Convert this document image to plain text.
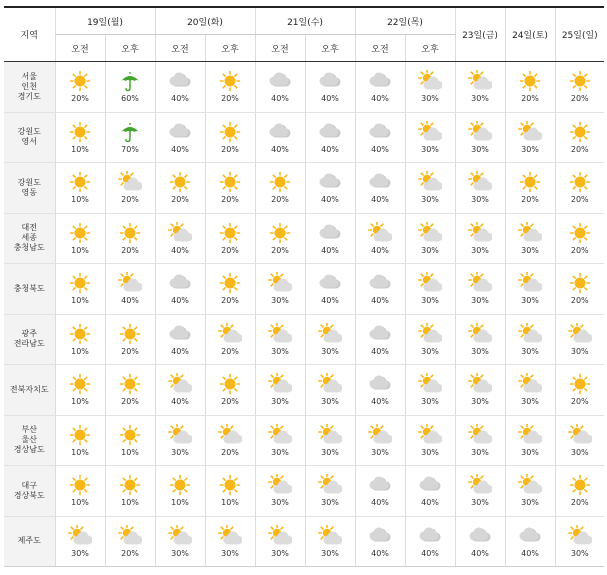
지역	19일(월)		20일(화)		21일(수)		22일(목)		23일(금)	24일(토)	25일(일)
	오전	오후	오전	오후	오전	오후	오전	오후			

서울
인천
경기도	20%	60%	40%	20%	40%	40%	40%	30%	30%	20%	20%

강원도
영서	10%	70%	40%	20%	40%	40%	40%	30%	30%	30%	20%

강원도
영동	10%	20%	20%	20%	20%	40%	40%	30%	30%	20%	20%

대전
세종
충청남도	10%	20%	40%	20%	20%	40%	40%	30%	30%	30%	20%

충청북도	10%	40%	40%	20%	30%	40%	40%	30%	30%	30%	20%

광주
전라남도	10%	20%	40%	20%	30%	30%	40%	30%	30%	30%	30%

전북자치도	10%	20%	40%	20%	30%	30%	40%	30%	30%	30%	20%

부산
울산
경상남도	10%	10%	30%	20%	30%	30%	30%	30%	30%	30%	30%

대구
경상북도	10%	10%	10%	10%	30%	30%	40%	40%	30%	30%	20%

제주도	30%	20%	30%	30%	30%	30%	40%	40%	40%	40%	30%
